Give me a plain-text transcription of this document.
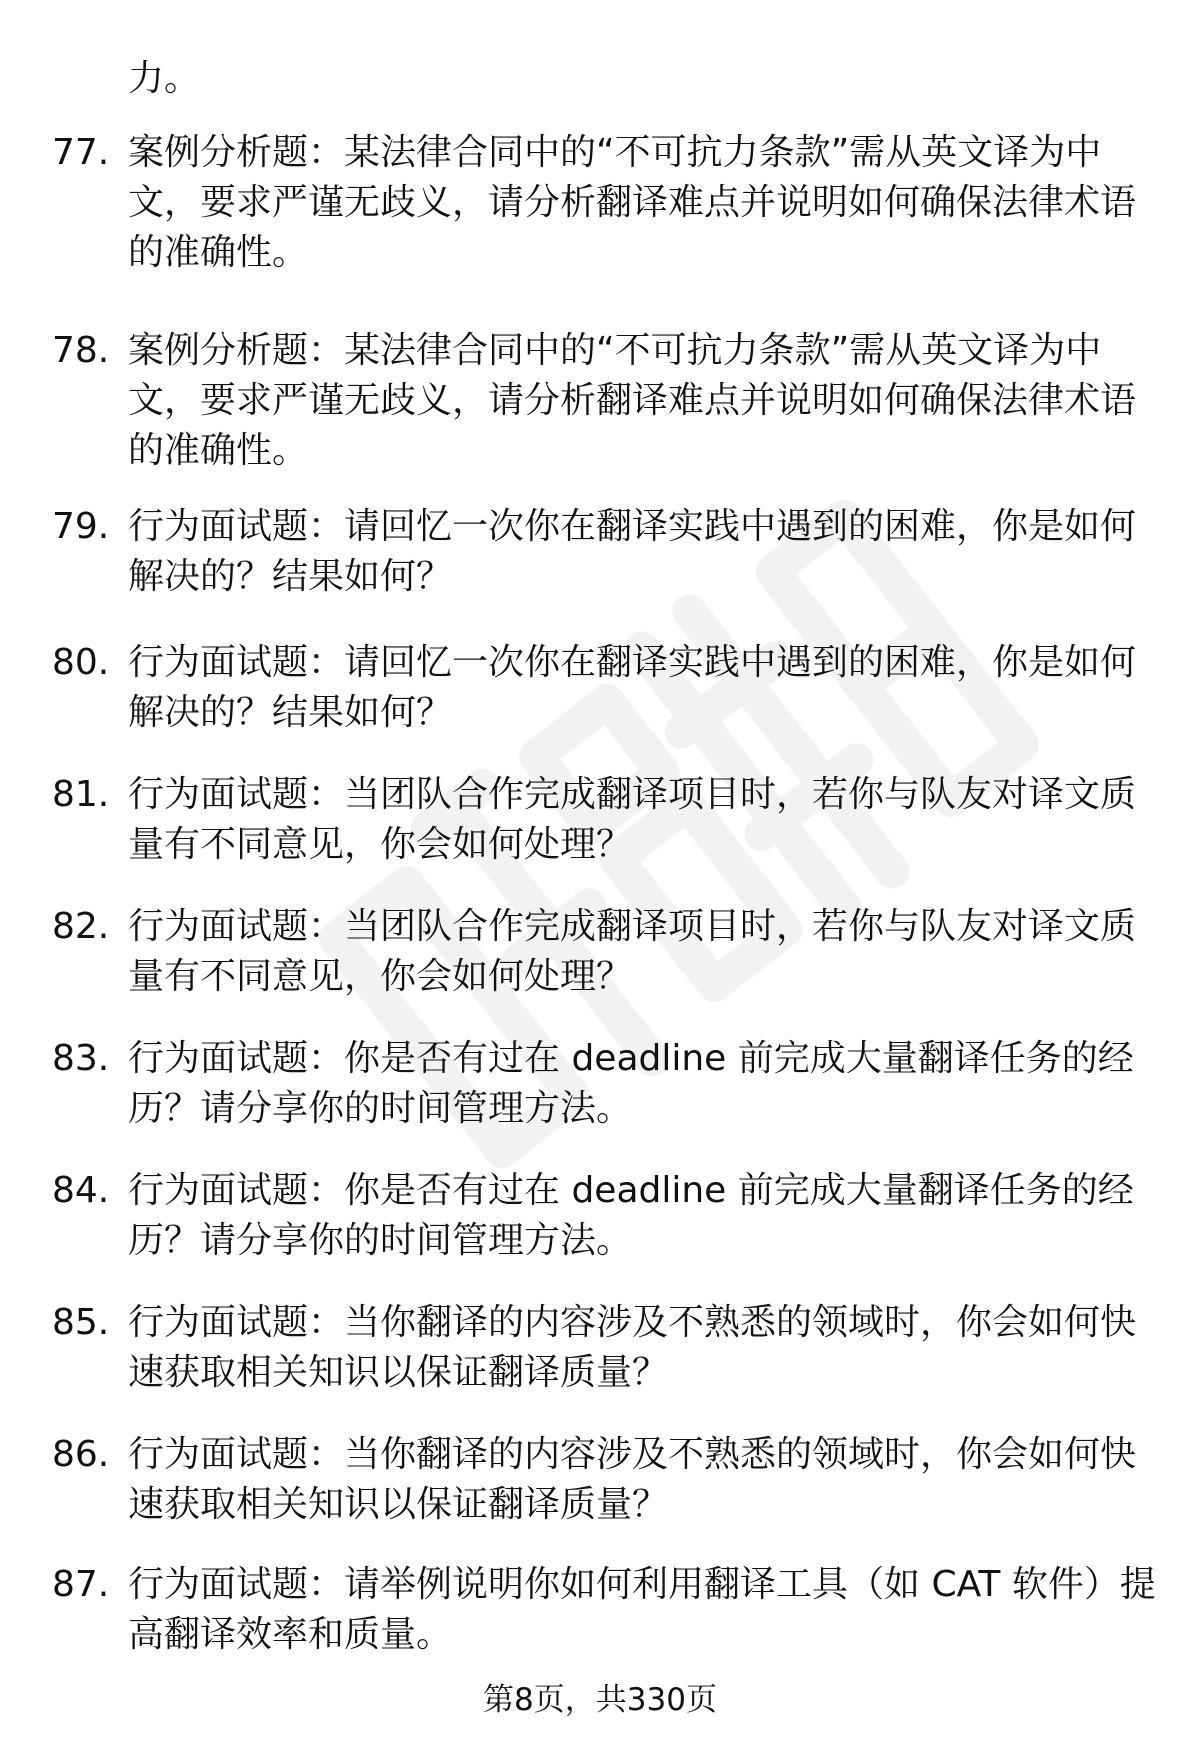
力。
77. 案例分析题：某法律合同中的“不可抗力条款”需从英文译为中
文，要求严谨无歧义，请分析翻译难点并说明如何确保法律术语
的准确性。
78. 案例分析题：某法律合同中的“不可抗力条款”需从英文译为中
文，要求严谨无歧义，请分析翻译难点并说明如何确保法律术语
的准确性。
79. 行为面试题：请回忆一次你在翻译实践中遇到的困难，你是如何
解决的？结果如何？
80. 行为面试题：请回忆一次你在翻译实践中遇到的困难，你是如何
解决的？结果如何？
81. 行为面试题：当团队合作完成翻译项目时，若你与队友对译文质
量有不同意见，你会如何处理？
82. 行为面试题：当团队合作完成翻译项目时，若你与队友对译文质
量有不同意见，你会如何处理？
83. 行为面试题：你是否有过在 deadline 前完成大量翻译任务的经
历？请分享你的时间管理方法。
84. 行为面试题：你是否有过在 deadline 前完成大量翻译任务的经
历？请分享你的时间管理方法。
85. 行为面试题：当你翻译的内容涉及不熟悉的领域时，你会如何快
速获取相关知识以保证翻译质量？
86. 行为面试题：当你翻译的内容涉及不熟悉的领域时，你会如何快
速获取相关知识以保证翻译质量？
87. 行为面试题：请举例说明你如何利用翻译工具（如 CAT 软件）提
高翻译效率和质量。
第8页，共330页
